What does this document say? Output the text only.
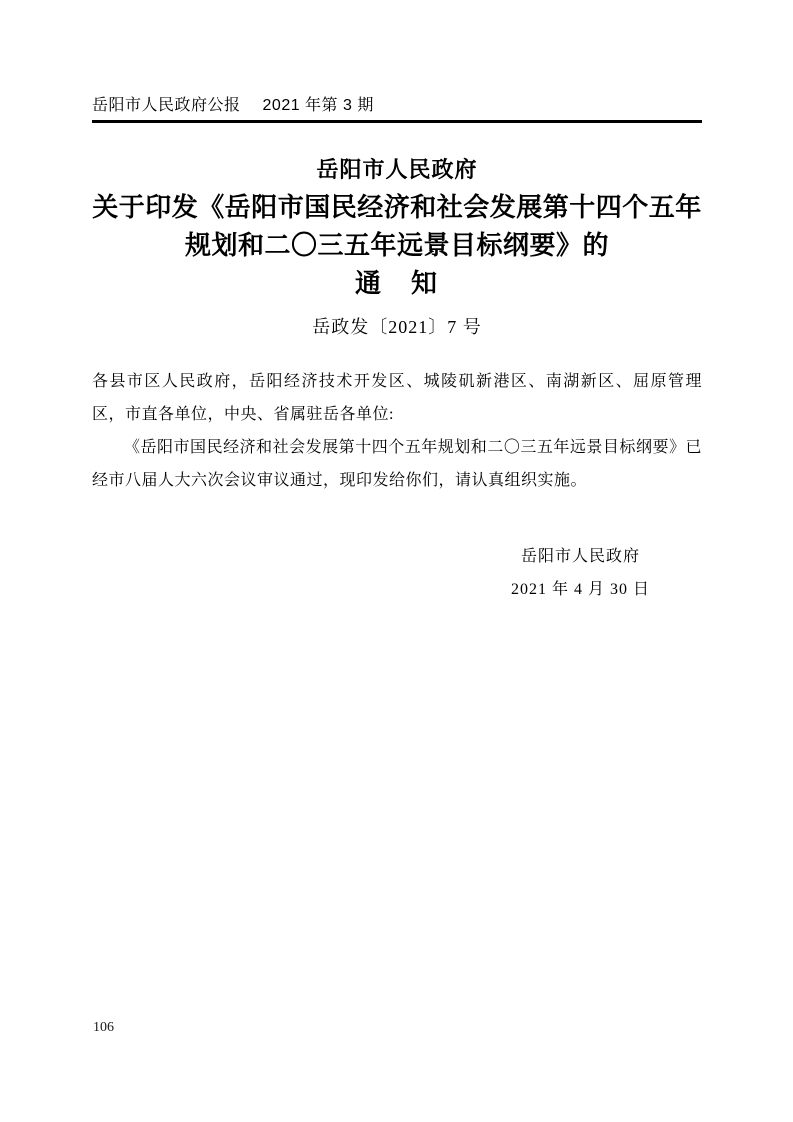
岳阳市人民政府公报 2021 年第 3 期
岳阳市人民政府
关于印发《岳阳市国民经济和社会发展第十四个五年
规划和二〇三五年远景目标纲要》的
通　知
岳政发〔2021〕7 号

各县市区人民政府，岳阳经济技术开发区、城陵矶新港区、南湖新区、屈原管理区，市直各单位，中央、省属驻岳各单位:

《岳阳市国民经济和社会发展第十四个五年规划和二〇三五年远景目标纲要》已经市八届人大六次会议审议通过，现印发给你们，请认真组织实施。

岳阳市人民政府
2021 年 4 月 30 日
106
